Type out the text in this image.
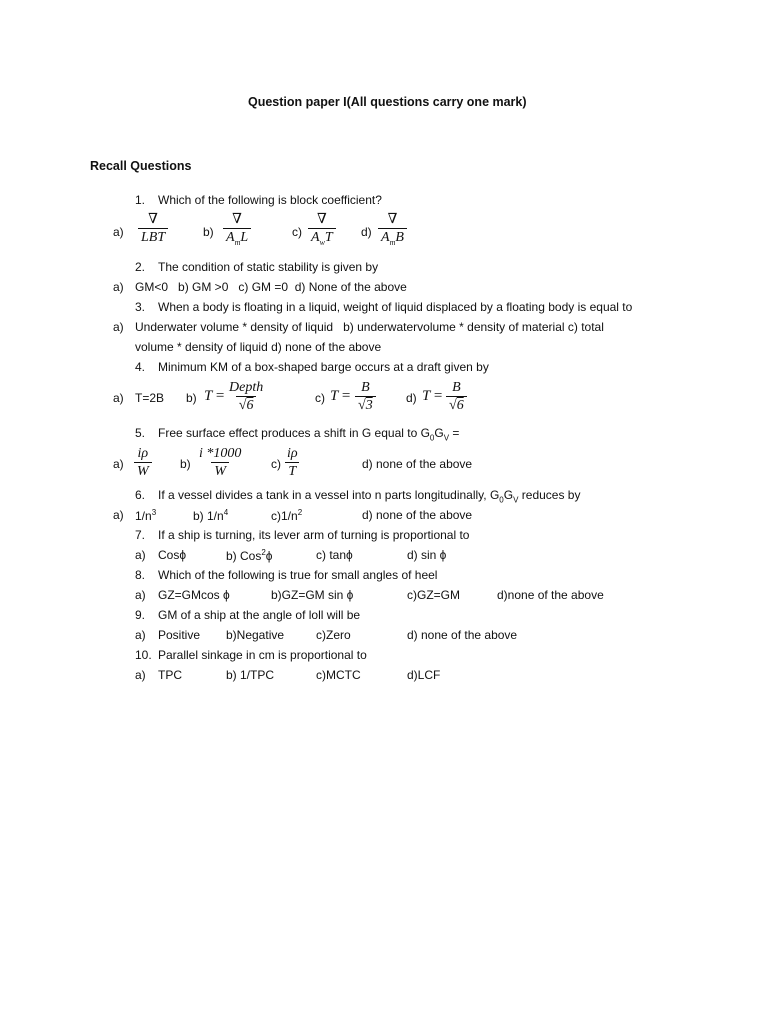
Question paper I(All questions carry one mark)
Recall Questions
1. Which of the following is block coefficient?
a)
∇
LBT	b)
∇
$A_mL$	c)
∇
$A_wT$ d)
∇
$A_mB$
2. The condition of static stability is given by
a) GM<0   b) GM >0   c) GM =0  d) None of the above
3. When a body is floating in a liquid, weight of liquid displaced by a floating body is equal to
a) Underwater volume * density of liquid   b) underwatervolume * density of material c) total
volume * density of liquid d) none of the above
4. Minimum KM of a box-shaped barge occurs at a draft given by
a) T=2B b) T =
Depth
√6	c) $T = \frac{B}{√3}$	d) $T = \frac{B}{√6}$
5. Free surface effect produces a shift in G equal to $G_0G_V$ =
$a) \frac{i\rho}{W} b) \frac{i *1000}{W} c) \frac{i\rho}{T}$	d) none of the above
6. If a vessel divides a tank in a vessel into n parts longitudinally, $G_0G_V$ reduces by
a) $1/n^3$	b) $1/n^4$	$c)1/n^2$	d) none of the above
7. If a ship is turning, its lever arm of turning is proportional to
a) Cosϕ	b) Cos$^2$ϕ	c) tanϕ	d) sin ϕ
8. Which of the following is true for small angles of heel
a) GZ=GMcos ϕ	b)GZ=GM sin ϕ	c)GZ=GM	d)none of the above
9. GM of a ship at the angle of loll will be
a) Positive b)Negative	c)Zero	d) none of the above
10. Parallel sinkage in cm is proportional to
a) TPC	b) 1/TPC	c)MCTC	d)LCF
